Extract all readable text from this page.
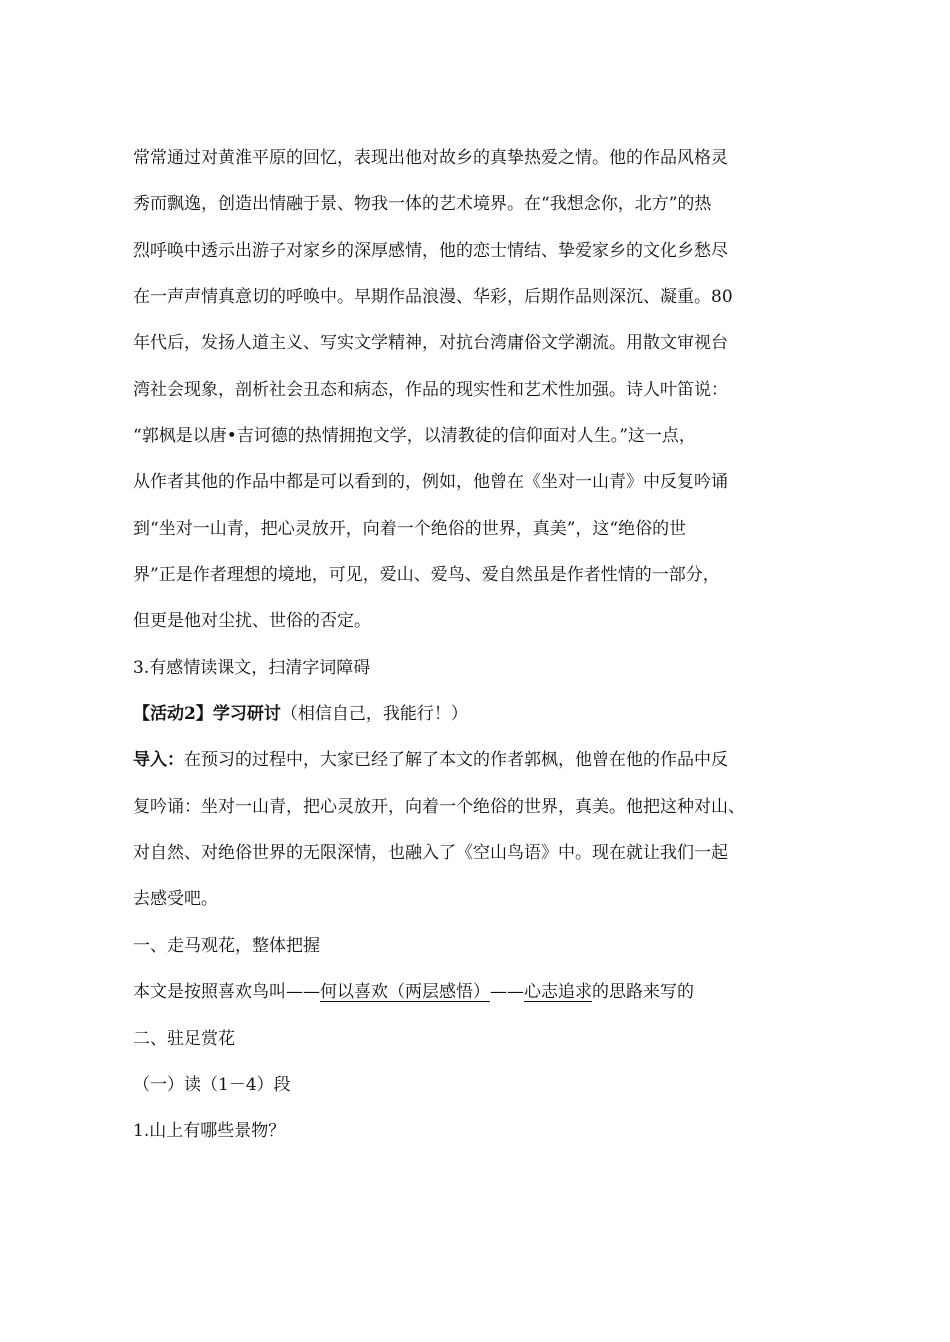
常常通过对黄淮平原的回忆，表现出他对故乡的真挚热爱之情。他的作品风格灵

秀而飘逸，创造出情融于景、物我一体的艺术境界。在“我想念你，北方”的热

烈呼唤中透示出游子对家乡的深厚感情，他的恋士情结、挚爱家乡的文化乡愁尽

在一声声情真意切的呼唤中。早期作品浪漫、华彩，后期作品则深沉、凝重。80

年代后，发扬人道主义、写实文学精神，对抗台湾庸俗文学潮流。用散文审视台

湾社会现象，剖析社会丑态和病态，作品的现实性和艺术性加强。诗人叶笛说：

“郭枫是以唐•吉诃德的热情拥抱文学，以清教徒的信仰面对人生。”这一点，

从作者其他的作品中都是可以看到的，例如，他曾在《坐对一山青》中反复吟诵

到“坐对一山青，把心灵放开，向着一个绝俗的世界，真美”，这“绝俗的世

界”正是作者理想的境地，可见，爱山、爱鸟、爱自然虽是作者性情的一部分，

但更是他对尘扰、世俗的否定。

3.有感情读课文，扫清字词障碍

【活动2】学习研讨（相信自己，我能行！）

导入：在预习的过程中，大家已经了解了本文的作者郭枫，他曾在他的作品中反

复吟诵：坐对一山青，把心灵放开，向着一个绝俗的世界，真美。他把这种对山、

对自然、对绝俗世界的无限深情，也融入了《空山鸟语》中。现在就让我们一起

去感受吧。

一、走马观花，整体把握

本文是按照喜欢鸟叫——何以喜欢（两层感悟）——心志追求的思路来写的

二、驻足赏花

（一）读（1－4）段

1.山上有哪些景物？
